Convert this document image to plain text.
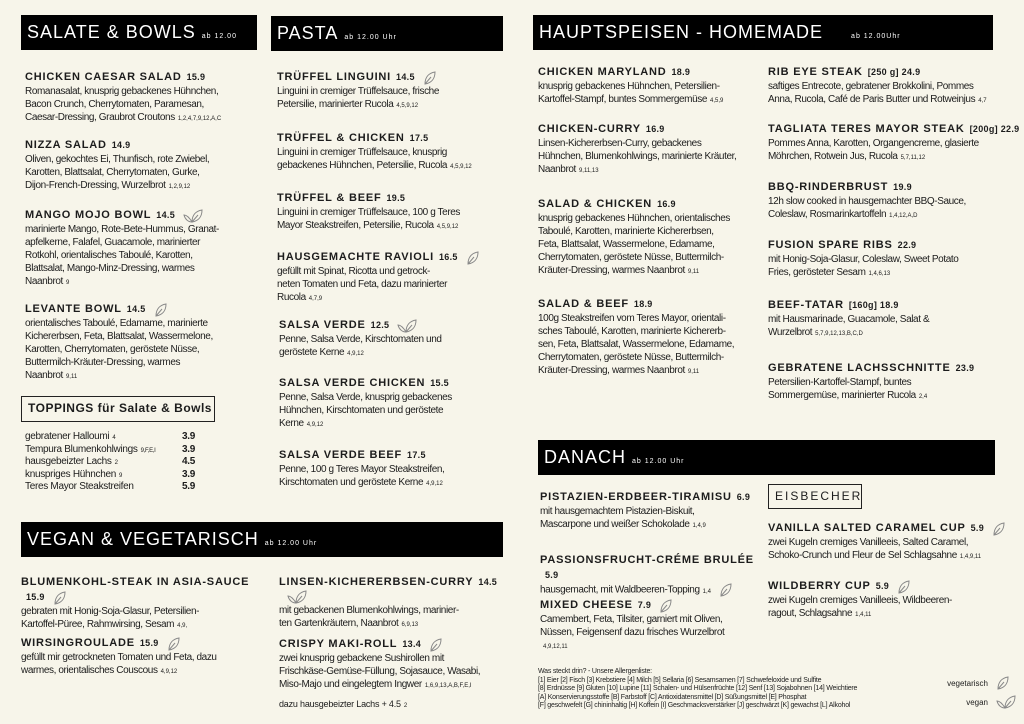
SALATE & BOWLS ab 12.00 PASTA ab 12.00 Uhr	HAUPTSPEISEN - HOMEMADE	ab 12.00Uhr
VEGAN & VEGETARISCH ab 12.00 Uhr
DANACH ab 12.00 Uhr
TOPPINGS für Salate & Bowls
EISBECHER
gebratener Halloumi 4	3.9
Tempura Blumenkohlwings 9,F,E,I	3.9
hausgebeizter Lachs 2	4.5
knuspriges Hühnchen 9	3.9
Teres Mayor Steakstreifen	5.9
CHICKEN CAESAR SALAD 15.9
Romanasalat, knusprig gebackenes Hühnchen,
Bacon Crunch, Cherrytomaten, Paramesan,
Caesar-Dressing, Graubrot Croutons 1,2,4,7,9,12,A,C
NIZZA SALAD 14.9
Oliven, gekochtes Ei, Thunfisch, rote Zwiebel,
Karotten, Blattsalat, Cherrytomaten, Gurke,
Dijon-French-Dressing, Wurzelbrot 1,2,9,12
MANGO MOJO BOWL 14.5
marinierte Mango, Rote-Bete-Hummus, Granat-
apfelkerne, Falafel, Guacamole, marinierter
Rotkohl, orientalisches Taboulé, Karotten,
Blattsalat, Mango-Minz-Dressing, warmes
Naanbrot 9
LEVANTE BOWL 14.5
orientalisches Taboulé, Edamame, marinierte
Kichererbsen, Feta, Blattsalat, Wassermelone,
Karotten, Cherrytomaten, geröstete Nüsse,
Buttermilch-Kräuter-Dressing, warmes
Naanbrot 9,11
TRÜFFEL LINGUINI 14.5
Linguini in cremiger Trüffelsauce, frische
Petersilie, marinierter Rucola 4,5,9,12
TRÜFFEL & CHICKEN 17.5
Linguini in cremiger Trüffelsauce, knusprig
gebackenes Hühnchen, Petersilie, Rucola 4,5,9,12
TRÜFFEL & BEEF 19.5
Linguini in cremiger Trüffelsauce, 100 g Teres
Mayor Steakstreifen, Petersilie, Rucola 4,5,9,12
HAUSGEMACHTE RAVIOLI 16.5
gefüllt mit Spinat, Ricotta und getrock-
neten Tomaten und Feta, dazu marinierter
Rucola 4,7,9
SALSA VERDE 12.5
Penne, Salsa Verde, Kirschtomaten und
geröstete Kerne 4,9,12
SALSA VERDE CHICKEN 15.5
Penne, Salsa Verde, knusprig gebackenes
Hühnchen, Kirschtomaten und geröstete
Kerne 4,9,12
SALSA VERDE BEEF 17.5
Penne, 100 g Teres Mayor Steakstreifen,
Kirschtomaten und geröstete Kerne 4,9,12
CHICKEN MARYLAND 18.9
knusprig gebackenes Hühnchen, Petersilien-
Kartoffel-Stampf, buntes Sommergemüse 4,5,9
CHICKEN-CURRY 16.9
Linsen-Kichererbsen-Curry, gebackenes
Hühnchen, Blumenkohlwings, marinierte Kräuter,
Naanbrot 9,11,13
SALAD & CHICKEN 16.9
knusprig gebackenes Hühnchen, orientalisches
Taboulé, Karotten, marinierte Kichererbsen,
Feta, Blattsalat, Wassermelone, Edamame,
Cherrytomaten, geröstete Nüsse, Buttermilch-
Kräuter-Dressing, warmes Naanbrot 9,11
SALAD & BEEF 18.9
100g Steakstreifen vom Teres Mayor, orientali-
sches Taboulé, Karotten, marinierte Kichererb-
sen, Feta, Blattsalat, Wassermelone, Edamame,
Cherrytomaten, geröstete Nüsse, Buttermilch-
Kräuter-Dressing, warmes Naanbrot 9,11
RIB EYE STEAK [250 g] 24.9
saftiges Entrecote, gebratener Brokkolini, Pommes
Anna, Rucola, Café de Paris Butter und Rotweinjus 4,7
TAGLIATA TERES MAYOR STEAK [200g] 22.9
Pommes Anna, Karotten, Organgencreme, glasierte
Möhrchen, Rotwein Jus, Rucola 5,7,11,12
BBQ-RINDERBRUST 19.9
12h slow cooked in hausgemachter BBQ-Sauce,
Coleslaw, Rosmarinkartoffeln 1,4,12,A,D
FUSION SPARE RIBS 22.9
mit Honig-Soja-Glasur, Coleslaw, Sweet Potato
Fries, gerösteter Sesam 1,4,6,13
BEEF-TATAR [160g] 18.9
mit Hausmarinade, Guacamole, Salat &
Wurzelbrot 5,7,9,12,13,B,C,D
GEBRATENE LACHSSCHNITTE 23.9
Petersilien-Kartoffel-Stampf, buntes
Sommergemüse, marinierter Rucola 2,4
BLUMENKOHL-STEAK IN ASIA-SAUCE
15.9
gebraten mit Honig-Soja-Glasur, Petersilien-
Kartoffel-Püree, Rahmwirsing, Sesam 4,9,
WIRSINGROULADE 15.9
gefüllt mir getrockneten Tomaten und Feta, dazu
warmes, orientalisches Couscous 4,9,12
LINSEN-KICHERERBSEN-CURRY 14.5
mit gebackenen Blumenkohlwings, marinier-
ten Gartenkräutern, Naanbrot 6,9,13
CRISPY MAKI-ROLL 13.4
zwei knusprig gebackene Sushirollen mit
Frischkäse-Gemüse-Füllung, Sojasauce, Wasabi,
Miso-Majo und eingelegtem Ingwer 1,6,9,13,A,B,F,E,I
dazu hausgebeizter Lachs + 4.5 2
PISTAZIEN-ERDBEER-TIRAMISU 6.9
mit hausgemachtem Pistazien-Biskuit,
Mascarpone und weißer Schokolade 1,4,9
PASSIONSFRUCHT-CRÉME BRULÉE
5.9
hausgemacht, mit Waldbeeren-Topping 1,4
MIXED CHEESE 7.9
Camembert, Feta, Tilsiter, garniert mit Oliven,
Nüssen, Feigensenf dazu frisches Wurzelbrot
4,9,12,11
VANILLA SALTED CARAMEL CUP 5.9
zwei Kugeln cremiges Vanilleeis, Salted Caramel,
Schoko-Crunch und Fleur de Sel Schlagsahne 1,4,9,11
WILDBERRY CUP 5.9
zwei Kugeln cremiges Vanilleeis, Wildbeeren-
ragout, Schlagsahne 1,4,11
Was steckt drin? - Unsere Allergenliste:
[1] Eier [2] Fisch [3] Krebstiere [4] Milch [5] Sellaria [6] Sesamsamen [7] Schwefeloxide und Sulfite
[8] Erdnüsse [9] Gluten [10] Lupine [11] Schalen- und Hülsenfrüchte [12] Senf [13] Sojabohnen [14] Weichtiere
[A] Konservierungsstoffe [B] Farbstoff [C] Antioxidatensmittel [D] Süßungsmittel [E] Phosphat
[F] geschwefelt [G] chininhaltig [H] Koffein [I] Geschmacksverstärker [J] geschwärzt [K] gewachst [L] Alkohol
vegetarisch
vegan
